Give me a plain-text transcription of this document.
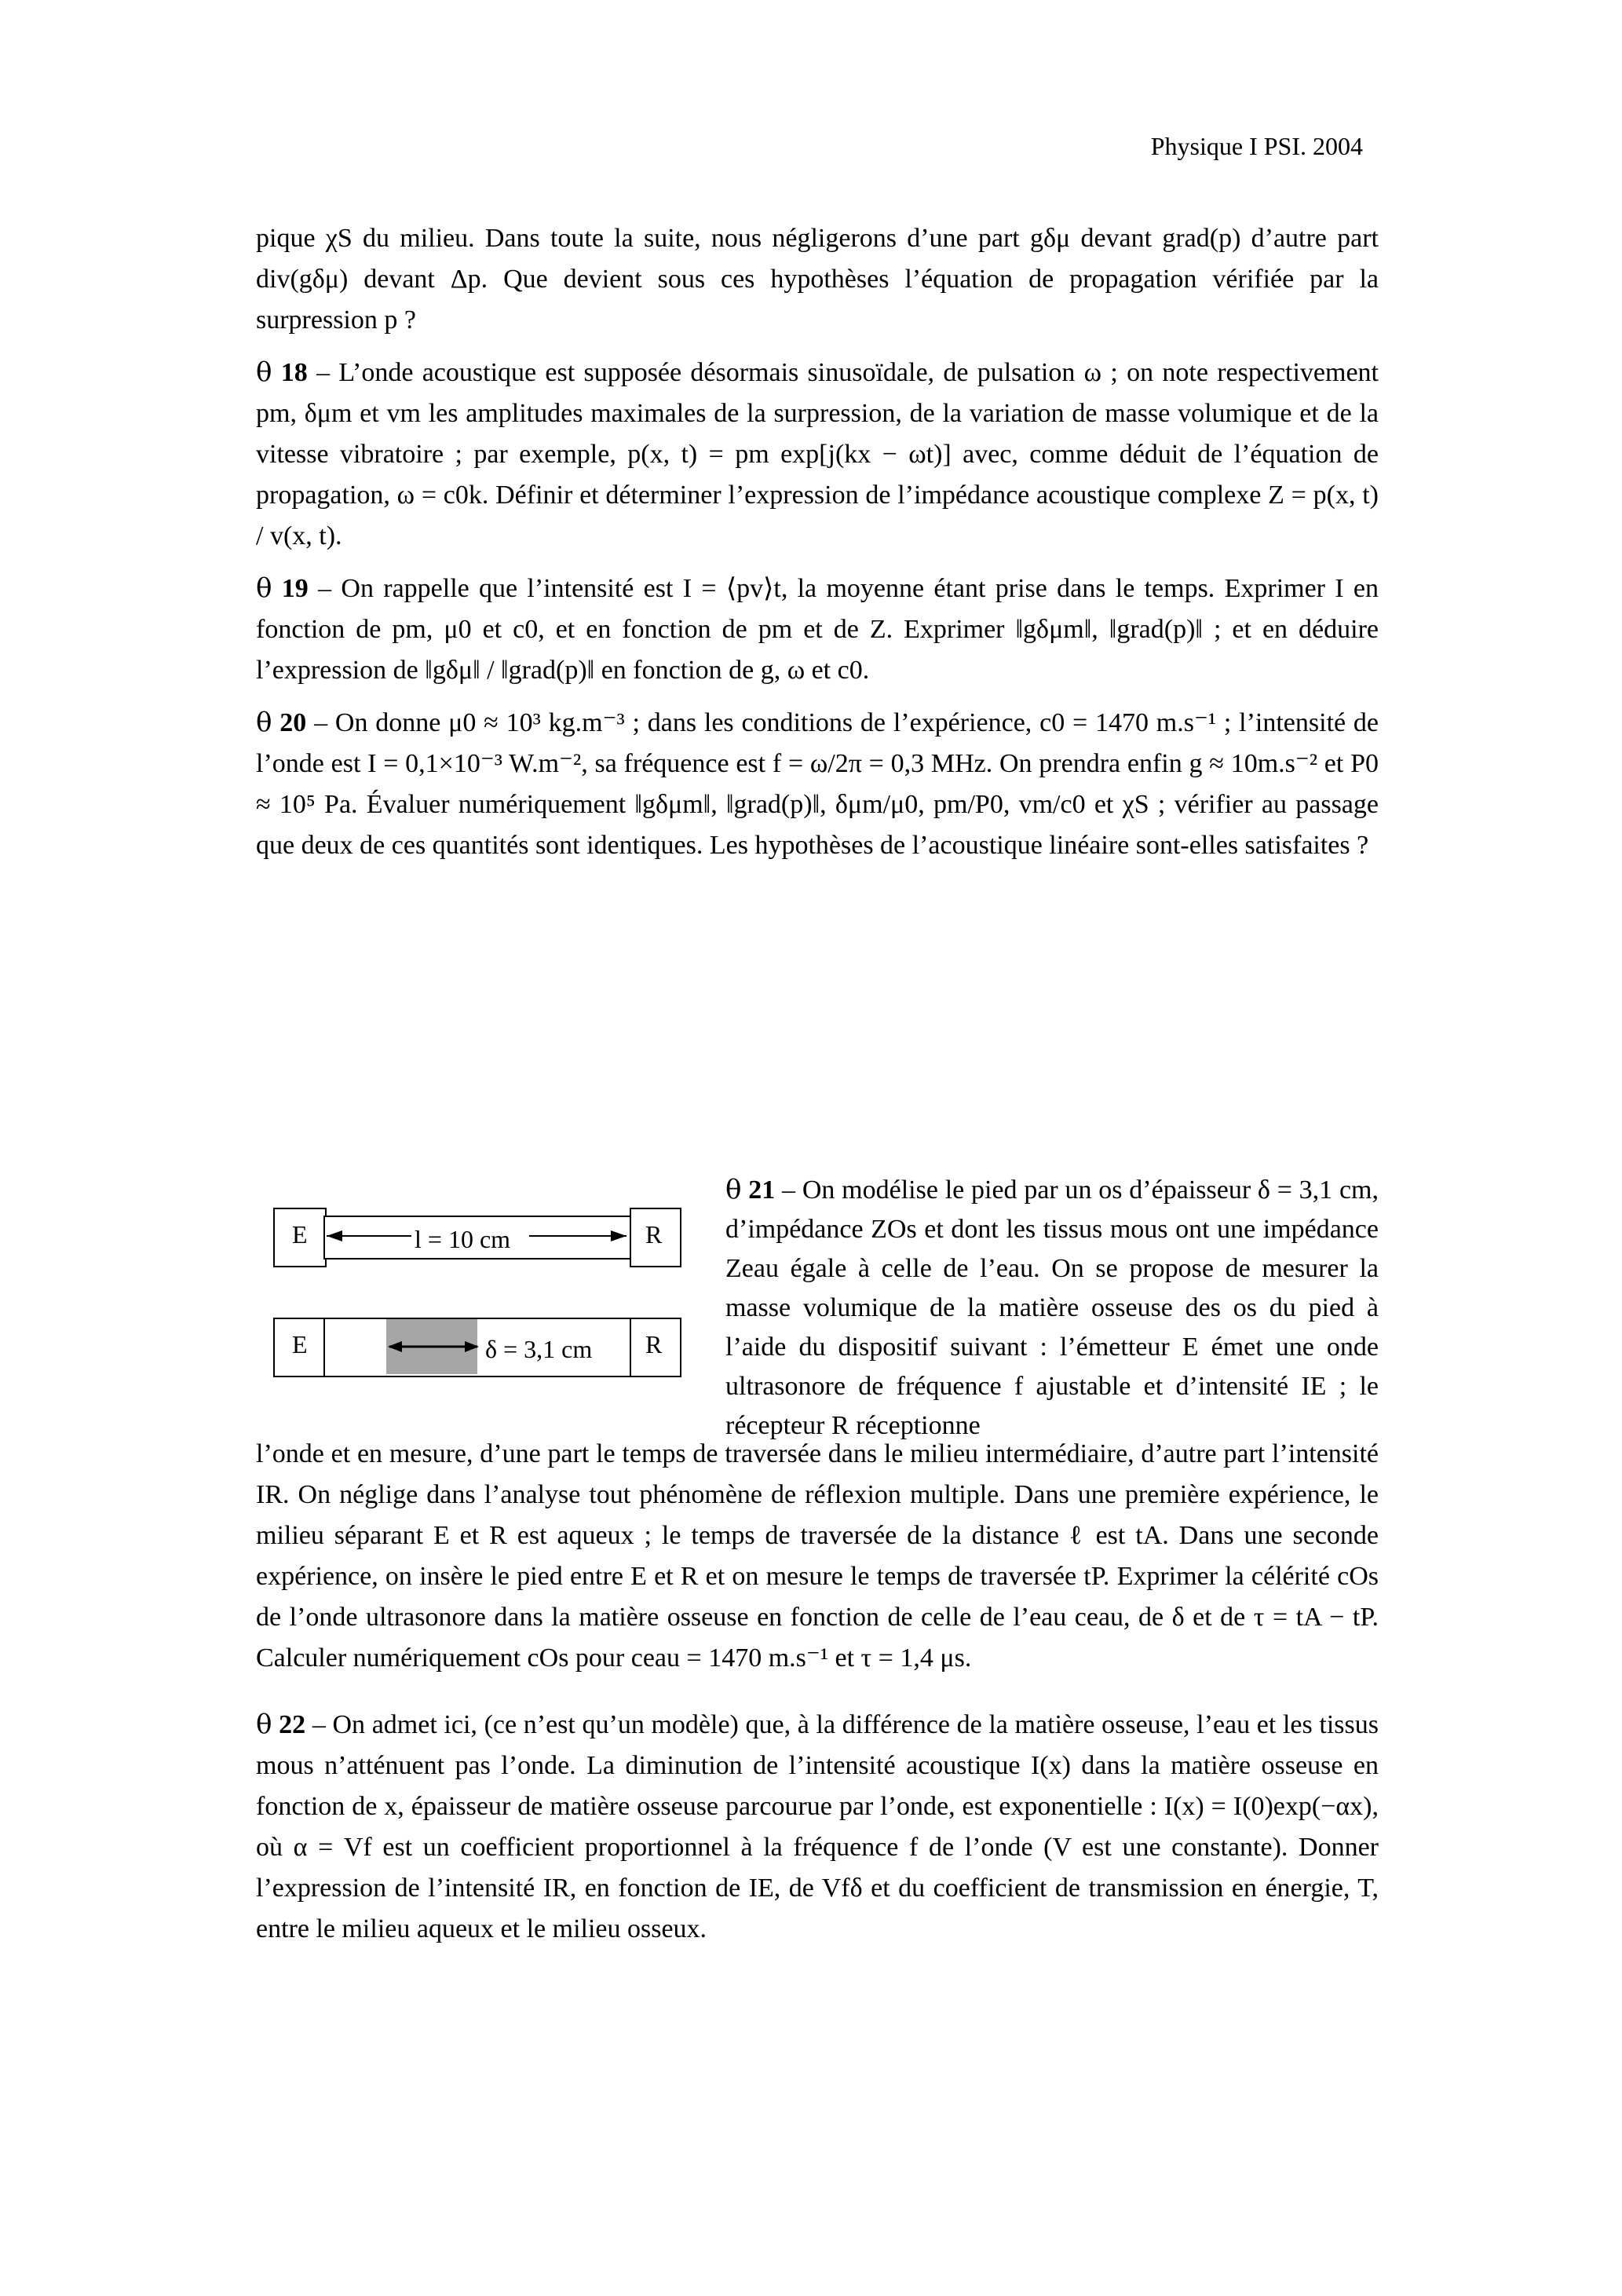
Physique I PSI. 2004

pique χS du milieu. Dans toute la suite, nous négligerons d’une part gδμ devant grad(p) d’autre part div(gδμ) devant Δp. Que devient sous ces hypothèses l’équation de propagation vérifiée par la surpression p ?

θ 18 – L’onde acoustique est supposée désormais sinusoïdale, de pulsation ω ; on note respectivement pm, δμm et vm les amplitudes maximales de la surpression, de la variation de masse volumique et de la vitesse vibratoire ; par exemple, p(x, t) = pm exp[j(kx − ωt)] avec, comme déduit de l’équation de propagation, ω = c0k. Définir et déterminer l’expression de l’impédance acoustique complexe Z = p(x, t) / v(x, t).

θ 19 – On rappelle que l’intensité est I = ⟨pv⟩t, la moyenne étant prise dans le temps. Exprimer I en fonction de pm, μ0 et c0, et en fonction de pm et de Z. Exprimer ‖gδμm‖, ‖grad(p)‖ ; et en déduire l’expression de ‖gδμ‖ / ‖grad(p)‖ en fonction de g, ω et c0.

θ 20 – On donne μ0 ≈ 10³ kg.m⁻³ ; dans les conditions de l’expérience, c0 = 1470 m.s⁻¹ ; l’intensité de l’onde est I = 0,1×10⁻³ W.m⁻², sa fréquence est f = ω/2π = 0,3 MHz. On prendra enfin g ≈ 10m.s⁻² et P0 ≈ 10⁵ Pa. Évaluer numériquement ‖gδμm‖, ‖grad(p)‖, δμm/μ0, pm/P0, vm/c0 et χS ; vérifier au passage que deux de ces quantités sont identiques. Les hypothèses de l’acoustique linéaire sont-elles satisfaites ?

E	R
l = 10 cm
E	R
δ = 3,1 cm
θ 21 – On modélise le pied par un os d’épaisseur δ = 3,1 cm, d’impédance ZOs et dont les tissus mous ont une impédance Zeau égale à celle de l’eau. On se propose de mesurer la masse volumique de la matière osseuse des os du pied à l’aide du dispositif suivant : l’émetteur E émet une onde ultrasonore de fréquence f ajustable et d’intensité IE ; le récepteur R réceptionne

l’onde et en mesure, d’une part le temps de traversée dans le milieu intermédiaire, d’autre part l’intensité IR. On néglige dans l’analyse tout phénomène de réflexion multiple. Dans une première expérience, le milieu séparant E et R est aqueux ; le temps de traversée de la distance ℓ est tA. Dans une seconde expérience, on insère le pied entre E et R et on mesure le temps de traversée tP. Exprimer la célérité cOs de l’onde ultrasonore dans la matière osseuse en fonction de celle de l’eau ceau, de δ et de τ = tA − tP. Calculer numériquement cOs pour ceau = 1470 m.s⁻¹ et τ = 1,4 μs.

θ 22 – On admet ici, (ce n’est qu’un modèle) que, à la différence de la matière osseuse, l’eau et les tissus mous n’atténuent pas l’onde. La diminution de l’intensité acoustique I(x) dans la matière osseuse en fonction de x, épaisseur de matière osseuse parcourue par l’onde, est exponentielle : I(x) = I(0)exp(−αx), où α = Vf est un coefficient proportionnel à la fréquence f de l’onde (V est une constante). Donner l’expression de l’intensité IR, en fonction de IE, de Vfδ et du coefficient de transmission en énergie, T, entre le milieu aqueux et le milieu osseux.
